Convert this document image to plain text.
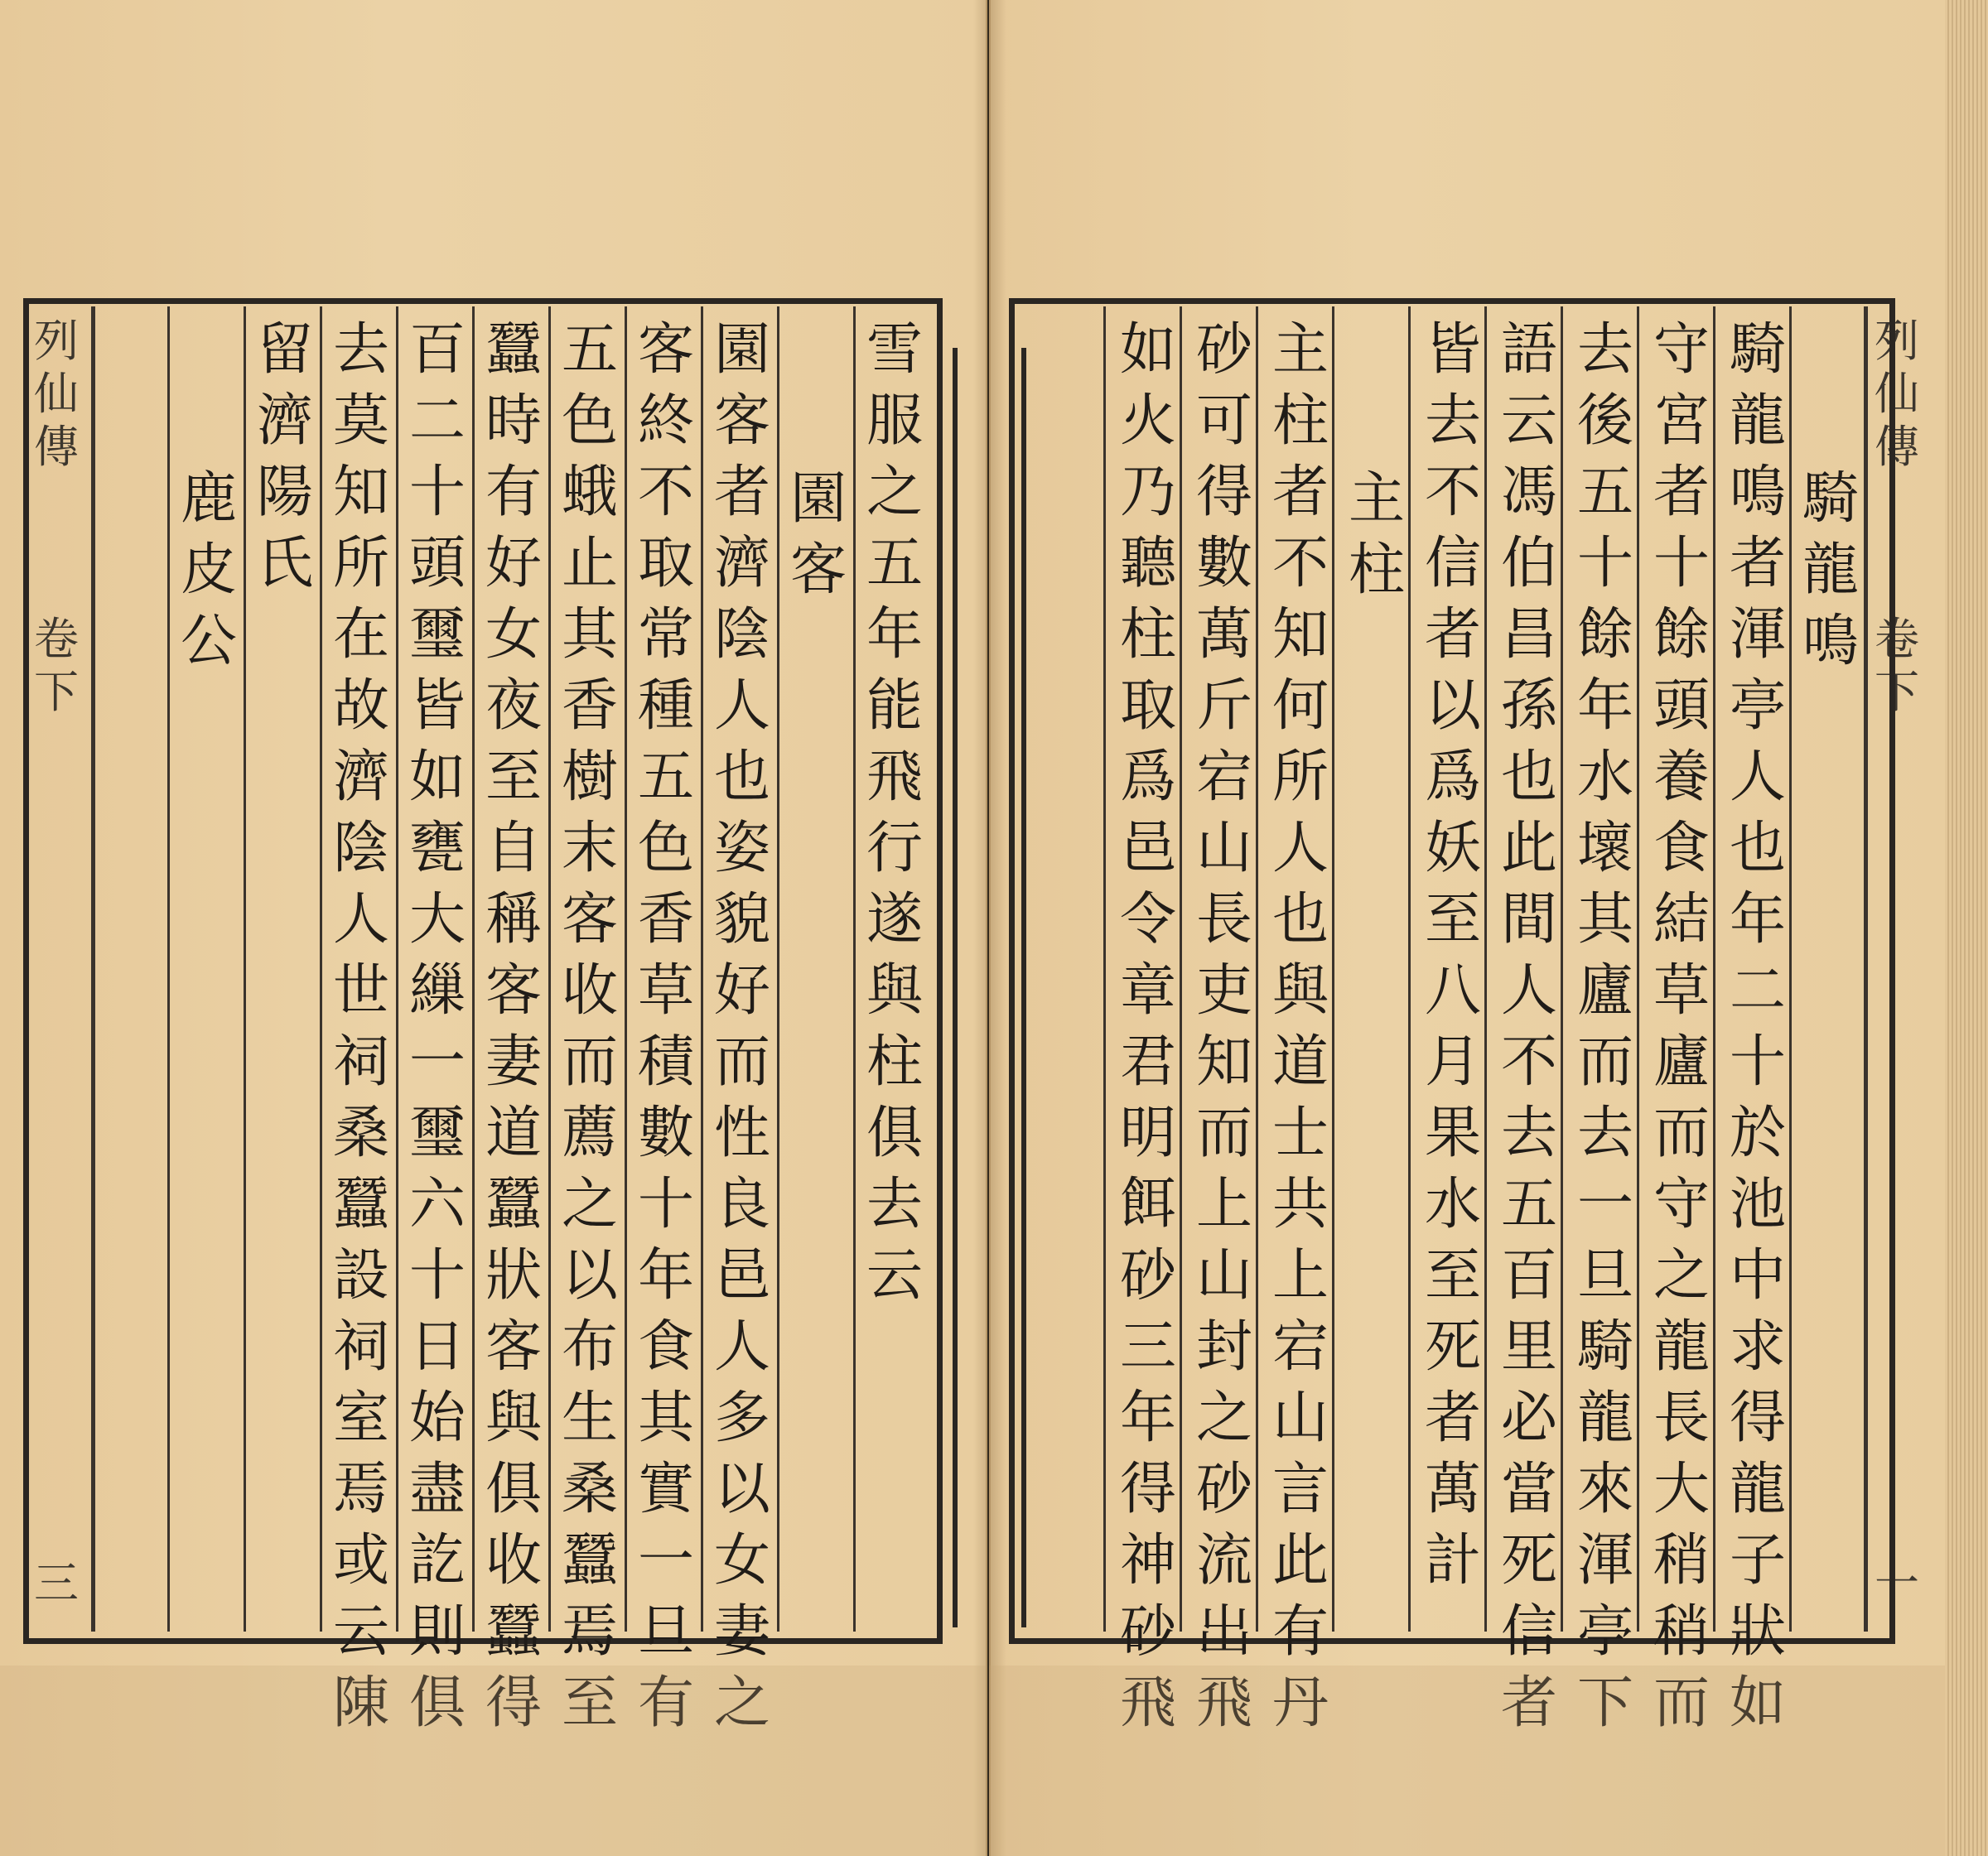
列仙傳
卷下
一
騎龍鳴
騎龍鳴者渾亭人也年二十於池中求得龍子狀如
守宮者十餘頭養食結草廬而守之龍長大稍稍而
去後五十餘年水壞其廬而去一旦騎龍來渾亭下
語云馮伯昌孫也此間人不去五百里必當死信者
皆去不信者以爲妖至八月果水至死者萬計
主柱
主柱者不知何所人也與道士共上宕山言此有丹
砂可得數萬斤宕山長吏知而上山封之砂流出飛
如火乃聽柱取爲邑令章君明餌砂三年得神砂飛
列仙傳
卷下
三
雪服之五年能飛行遂與柱俱去云
園客
園客者濟陰人也姿貌好而性良邑人多以女妻之
客終不取常種五色香草積數十年食其實一旦有
五色蛾止其香樹末客收而薦之以布生桑蠶焉至
蠶時有好女夜至自稱客妻道蠶狀客與俱收蠶得
百二十頭璽皆如甕大繅一璽六十日始盡訖則俱
去莫知所在故濟陰人世祠桑蠶設祠室焉或云陳
留濟陽氏
鹿皮公
